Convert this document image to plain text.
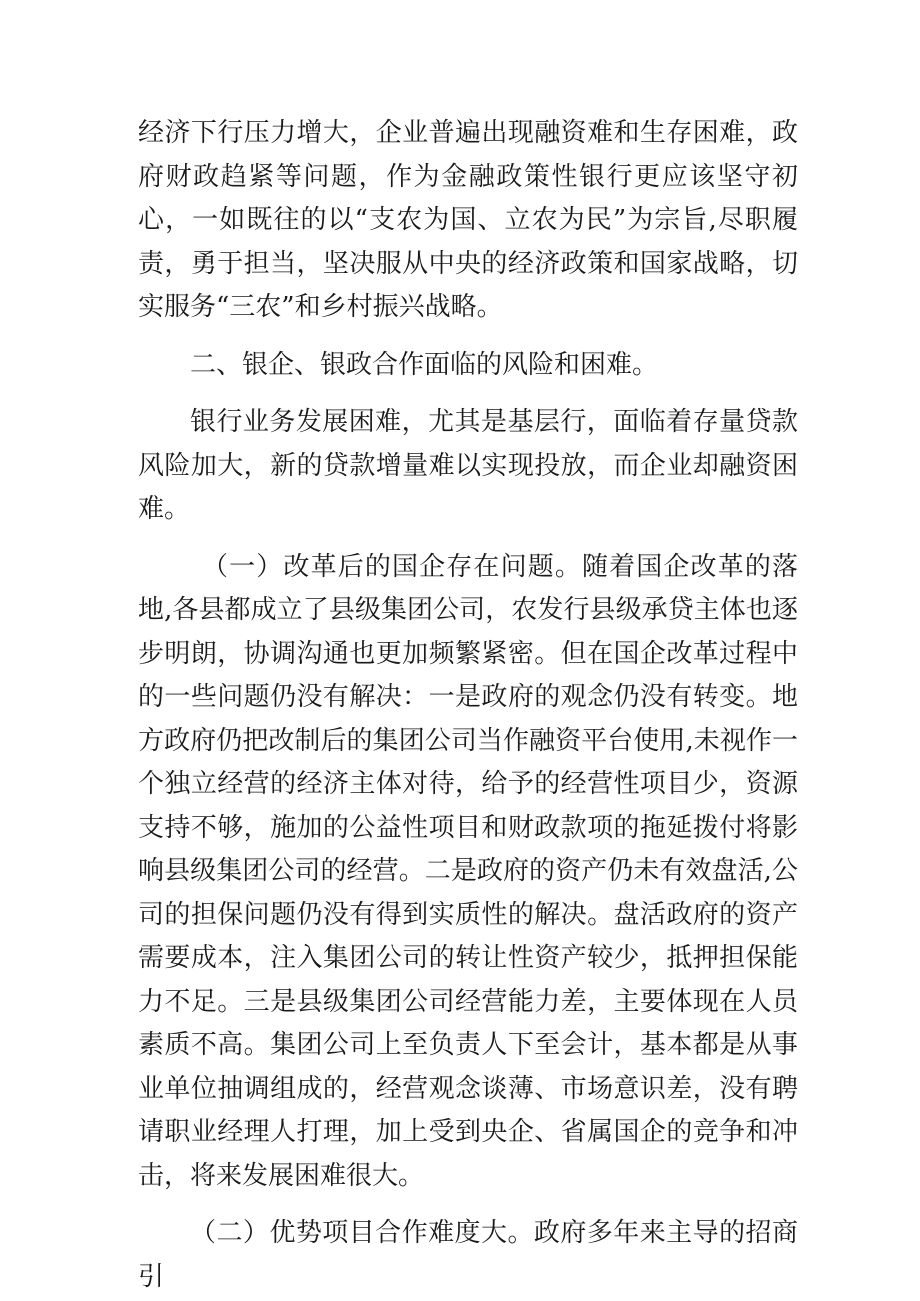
经济下行压力增大，企业普遍出现融资难和生存困难，政府财政趋紧等问题，作为金融政策性银行更应该坚守初心，一如既往的以“支农为国、立农为民”为宗旨,尽职履责，勇于担当，坚决服从中央的经济政策和国家战略，切实服务“三农”和乡村振兴战略。

二、银企、银政合作面临的风险和困难。

银行业务发展困难，尤其是基层行，面临着存量贷款风险加大，新的贷款增量难以实现投放，而企业却融资困难。

（一）改革后的国企存在问题。随着国企改革的落地,各县都成立了县级集团公司，农发行县级承贷主体也逐步明朗，协调沟通也更加频繁紧密。但在国企改革过程中的一些问题仍没有解决：一是政府的观念仍没有转变。地方政府仍把改制后的集团公司当作融资平台使用,未视作一个独立经营的经济主体对待，给予的经营性项目少，资源支持不够，施加的公益性项目和财政款项的拖延拨付将影响县级集团公司的经营。二是政府的资产仍未有效盘活,公司的担保问题仍没有得到实质性的解决。盘活政府的资产需要成本，注入集团公司的转让性资产较少，抵押担保能力不足。三是县级集团公司经营能力差，主要体现在人员素质不高。集团公司上至负责人下至会计，基本都是从事业单位抽调组成的，经营观念谈薄、市场意识差，没有聘请职业经理人打理，加上受到央企、省属国企的竞争和冲击，将来发展困难很大。

（二）优势项目合作难度大。政府多年来主导的招商引
